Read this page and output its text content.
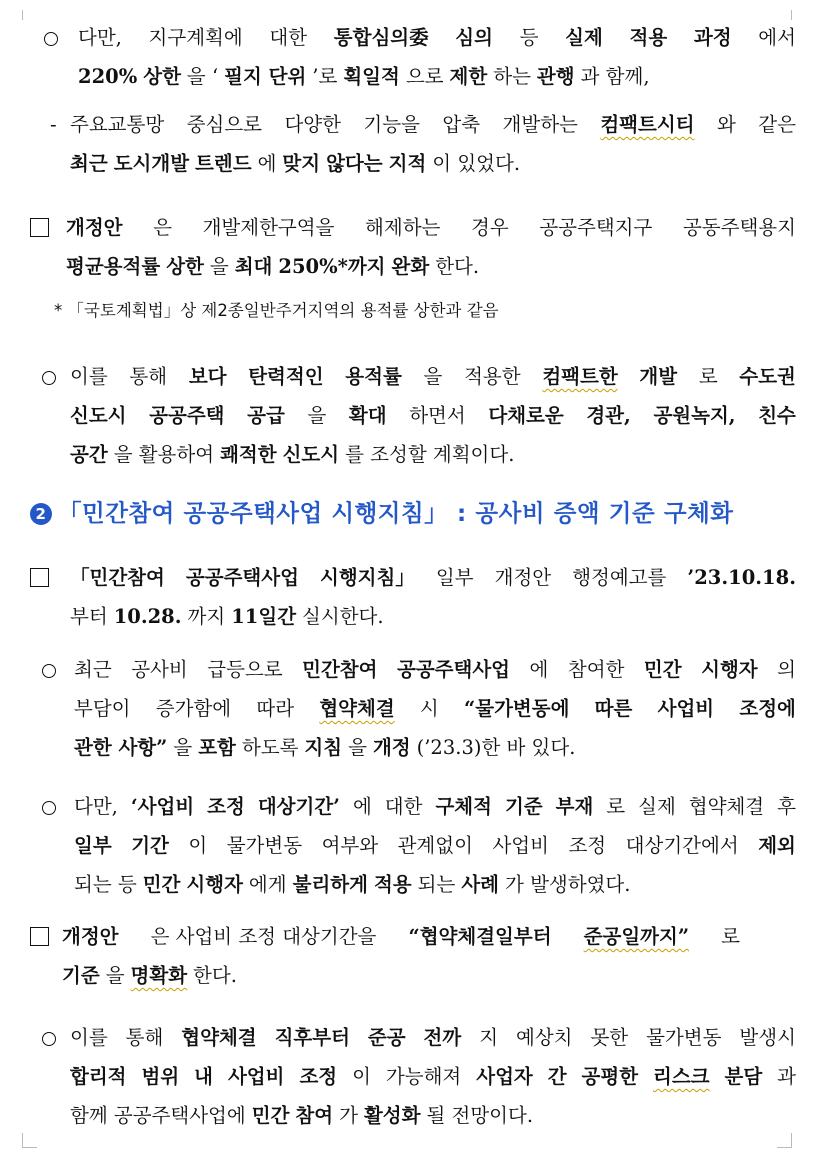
다만, 지구계획에 대한 통합심의委 심의 등 실제 적용 과정 에서
220% 상한 을 ‘ 필지 단위 ’로 획일적 으로 제한 하는 관행 과 함께,
- 주요교통망 중심으로 다양한 기능을 압축 개발하는 컴팩트시티 와 같은
최근 도시개발 트렌드 에 맞지 않다는 지적 이 있었다.
개정안 은 개발제한구역을 해제하는 경우 공공주택지구 공동주택용지
평균용적률 상한 을 최대 250%*까지 완화 한다.
이를 통해 보다 탄력적인 용적률 을 적용한 컴팩트한 개발 로 수도권
신도시 공공주택 공급 을 확대 하면서 다채로운 경관, 공원녹지, 친수
공간 을 활용하여 쾌적한 신도시 를 조성할 계획이다.
「민간참여 공공주택사업 시행지침」 일부 개정안 행정예고를 ’23.10.18.
부터 10.28. 까지 11일간 실시한다.
최근 공사비 급등으로 민간참여 공공주택사업 에 참여한 민간 시행자 의
부담이 증가함에 따라 협약체결 시 “물가변동에 따른 사업비 조정에
관한 사항” 을 포함 하도록 지침 을 개정 (’23.3)한 바 있다.
다만, ‘사업비 조정 대상기간’ 에 대한 구체적 기준 부재 로 실제 협약체결 후
일부 기간 이 물가변동 여부와 관계없이 사업비 조정 대상기간에서 제외
되는 등 민간 시행자 에게 불리하게 적용 되는 사례 가 발생하였다.
개정안 은 사업비 조정 대상기간을 “협약체결일부터 준공일까지” 로
기준 을 명확화 한다.
이를 통해 협약체결 직후부터 준공 전까 지 예상치 못한 물가변동 발생시
합리적 범위 내 사업비 조정 이 가능해져 사업자 간 공평한 리스크 분담 과
함께 공공주택사업에 민간 참여 가 활성화 될 전망이다.
* 「국토계획법」상 제2종일반주거지역의 용적률 상한과 같음
2 「민간참여 공공주택사업 시행지침」 : 공사비 증액 기준 구체화
